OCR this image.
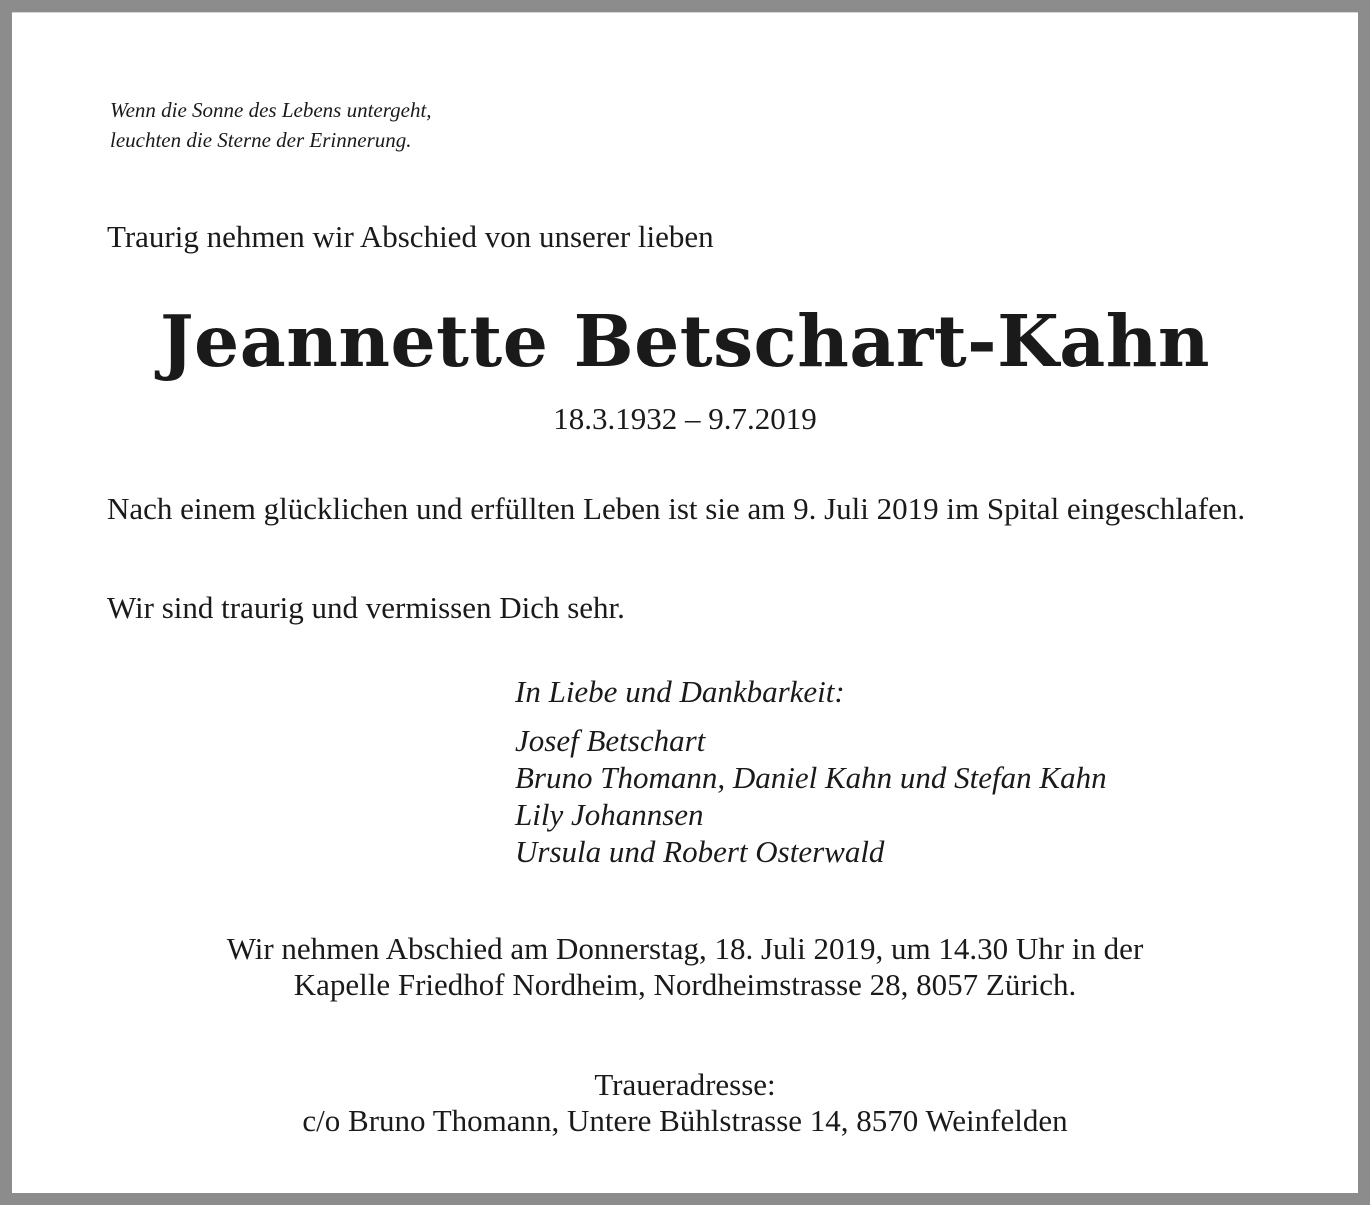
Wenn die Sonne des Lebens untergeht,
leuchten die Sterne der Erinnerung.
Traurig nehmen wir Abschied von unserer lieben
Jeannette Betschart-Kahn
18.3.1932 – 9.7.2019
Nach einem glücklichen und erfüllten Leben ist sie am 9. Juli 2019 im Spital eingeschlafen.
Wir sind traurig und vermissen Dich sehr.
In Liebe und Dankbarkeit:
Josef Betschart
Bruno Thomann, Daniel Kahn und Stefan Kahn
Lily Johannsen
Ursula und Robert Osterwald
Wir nehmen Abschied am Donnerstag, 18. Juli 2019, um 14.30 Uhr in der
Kapelle Friedhof Nordheim, Nordheimstrasse 28, 8057 Zürich.
Traueradresse:
c/o Bruno Thomann, Untere Bühlstrasse 14, 8570 Weinfelden
